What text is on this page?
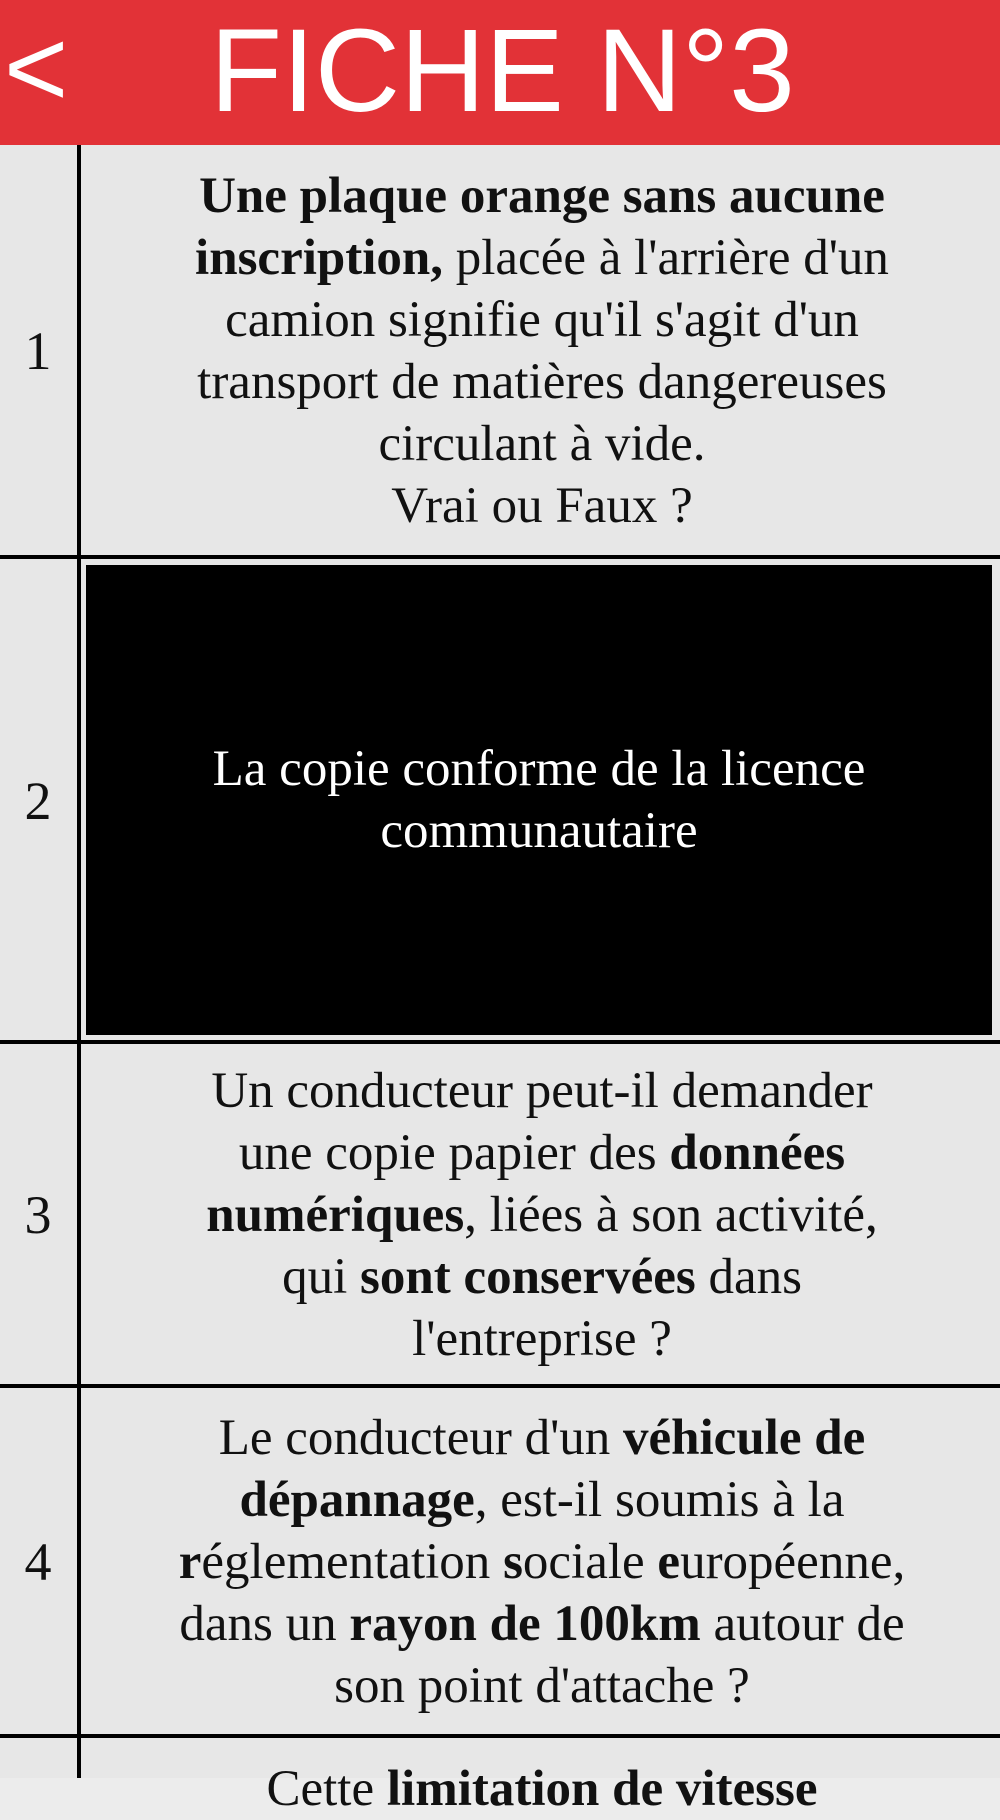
< FICHE N°3
1
Une plaque orange sans aucune
inscription, placée à l'arrière d'un
camion signifie qu'il s'agit d'un
transport de matières dangereuses
circulant à vide.
Vrai ou Faux ?
2
La copie conforme de la licence
communautaire
3
Un conducteur peut-il demander
une copie papier des données
numériques, liées à son activité,
qui sont conservées dans
l'entreprise ?
4
Le conducteur d'un véhicule de
dépannage, est-il soumis à la
réglementation sociale européenne,
dans un rayon de 100km autour de
son point d'attache ?
Cette limitation de vitesse
